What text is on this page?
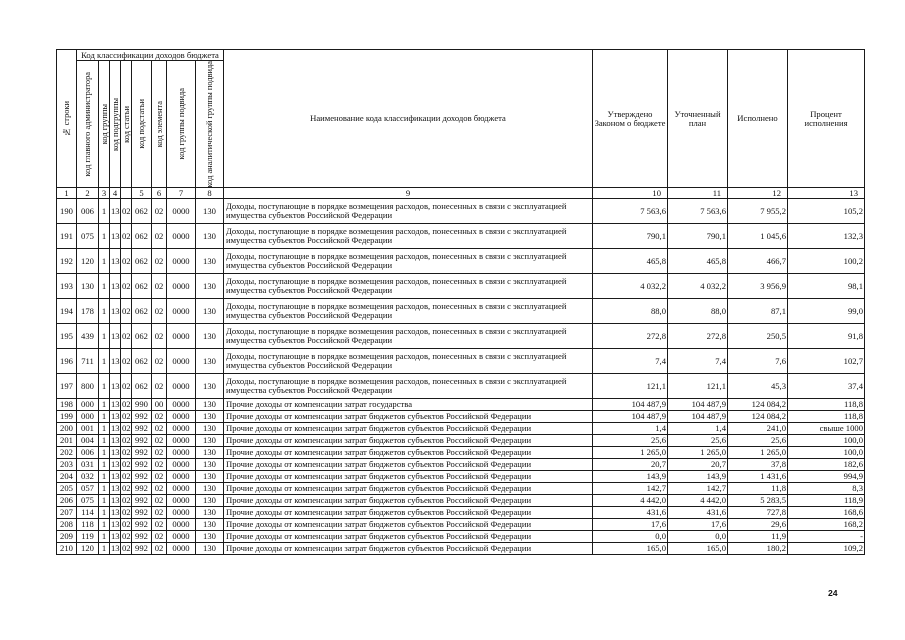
№ строки	Код классификации доходов бюджета								Наименование кода классификации доходов бюджета	Утверждено Законом о бюджете	Уточненный план	Исполнено	Процент исполнения

	код главного администратора	код группы	код подгруппы	код статьи	код подстатьи	код элемента	код группы подвида	код аналитической группы подвида					

1	2	3	4		5	6	7	8	9	10	11	12	13
190	006	1	13	02	062	02	0000	130	Доходы, поступающие в порядке возмещения расходов, понесенных в связи с эксплуатацией имущества субъектов Российской Федерации	7 563,6	7 563,6	7 955,2	105,2
191	075	1	13	02	062	02	0000	130	Доходы, поступающие в порядке возмещения расходов, понесенных в связи с эксплуатацией имущества субъектов Российской Федерации	790,1	790,1	1 045,6	132,3
192	120	1	13	02	062	02	0000	130	Доходы, поступающие в порядке возмещения расходов, понесенных в связи с эксплуатацией имущества субъектов Российской Федерации	465,8	465,8	466,7	100,2
193	130	1	13	02	062	02	0000	130	Доходы, поступающие в порядке возмещения расходов, понесенных в связи с эксплуатацией имущества субъектов Российской Федерации	4 032,2	4 032,2	3 956,9	98,1
194	178	1	13	02	062	02	0000	130	Доходы, поступающие в порядке возмещения расходов, понесенных в связи с эксплуатацией имущества субъектов Российской Федерации	88,0	88,0	87,1	99,0
195	439	1	13	02	062	02	0000	130	Доходы, поступающие в порядке возмещения расходов, понесенных в связи с эксплуатацией имущества субъектов Российской Федерации	272,8	272,8	250,5	91,8
196	711	1	13	02	062	02	0000	130	Доходы, поступающие в порядке возмещения расходов, понесенных в связи с эксплуатацией имущества субъектов Российской Федерации	7,4	7,4	7,6	102,7
197	800	1	13	02	062	02	0000	130	Доходы, поступающие в порядке возмещения расходов, понесенных в связи с эксплуатацией имущества субъектов Российской Федерации	121,1	121,1	45,3	37,4
198	000	1	13	02	990	00	0000	130	Прочие доходы от компенсации затрат государства	104 487,9	104 487,9	124 084,2	118,8
199	000	1	13	02	992	02	0000	130	Прочие доходы от компенсации затрат бюджетов субъектов Российской Федерации	104 487,9	104 487,9	124 084,2	118,8
200	001	1	13	02	992	02	0000	130	Прочие доходы от компенсации затрат бюджетов субъектов Российской Федерации	1,4	1,4	241,0	свыше 1000
201	004	1	13	02	992	02	0000	130	Прочие доходы от компенсации затрат бюджетов субъектов Российской Федерации	25,6	25,6	25,6	100,0
202	006	1	13	02	992	02	0000	130	Прочие доходы от компенсации затрат бюджетов субъектов Российской Федерации	1 265,0	1 265,0	1 265,0	100,0
203	031	1	13	02	992	02	0000	130	Прочие доходы от компенсации затрат бюджетов субъектов Российской Федерации	20,7	20,7	37,8	182,6
204	032	1	13	02	992	02	0000	130	Прочие доходы от компенсации затрат бюджетов субъектов Российской Федерации	143,9	143,9	1 431,6	994,9
205	057	1	13	02	992	02	0000	130	Прочие доходы от компенсации затрат бюджетов субъектов Российской Федерации	142,7	142,7	11,8	8,3
206	075	1	13	02	992	02	0000	130	Прочие доходы от компенсации затрат бюджетов субъектов Российской Федерации	4 442,0	4 442,0	5 283,5	118,9
207	114	1	13	02	992	02	0000	130	Прочие доходы от компенсации затрат бюджетов субъектов Российской Федерации	431,6	431,6	727,8	168,6
208	118	1	13	02	992	02	0000	130	Прочие доходы от компенсации затрат бюджетов субъектов Российской Федерации	17,6	17,6	29,6	168,2
209	119	1	13	02	992	02	0000	130	Прочие доходы от компенсации затрат бюджетов субъектов Российской Федерации	0,0	0,0	11,9	-
210	120	1	13	02	992	02	0000	130	Прочие доходы от компенсации затрат бюджетов субъектов Российской Федерации	165,0	165,0	180,2	109,2
24
